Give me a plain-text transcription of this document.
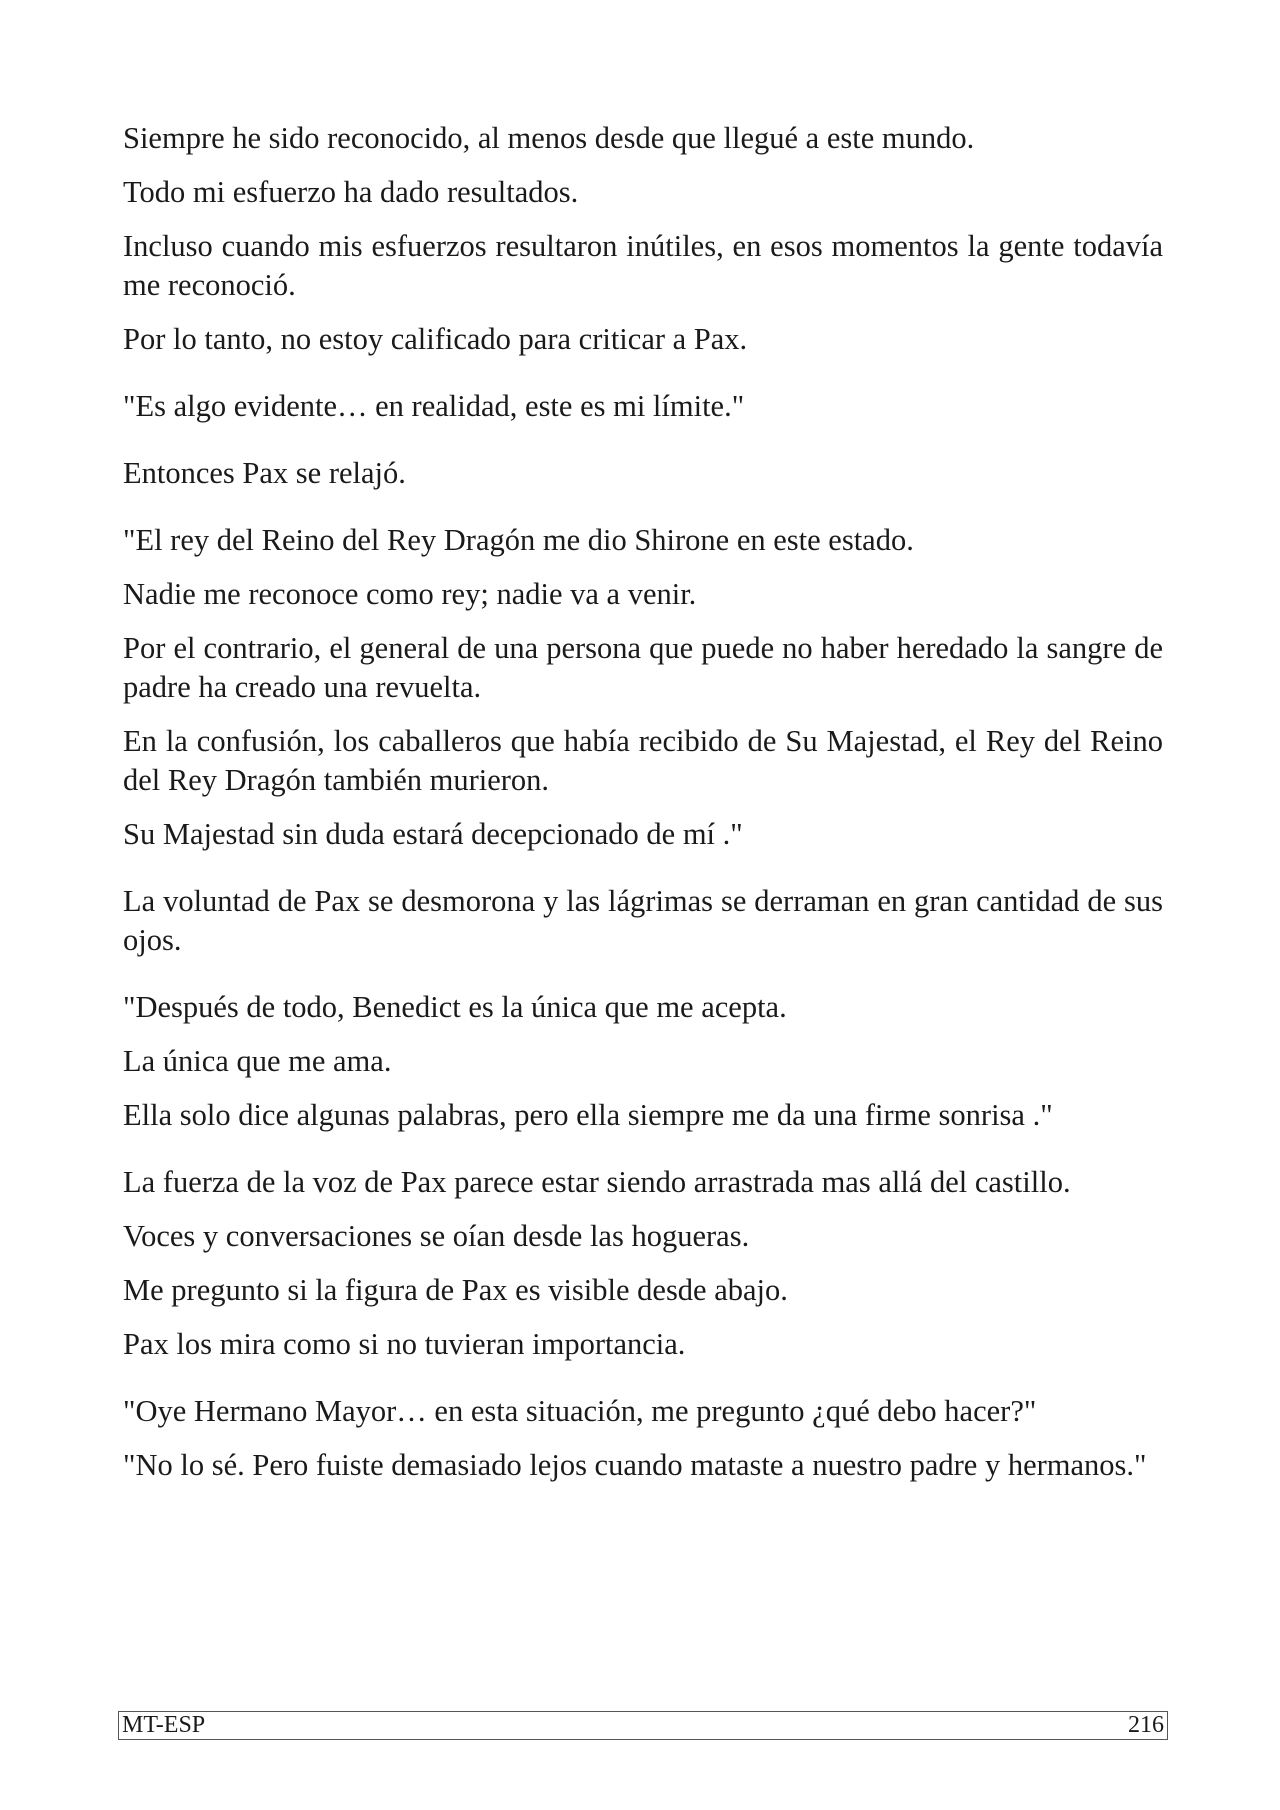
Siempre he sido reconocido, al menos desde que llegué a este mundo.

Todo mi esfuerzo ha dado resultados.

Incluso cuando mis esfuerzos resultaron inútiles, en esos momentos la gente todavía me reconoció.

Por lo tanto, no estoy calificado para criticar a Pax.

"Es algo evidente… en realidad, este es mi límite."

Entonces Pax se relajó.

"El rey del Reino del Rey Dragón me dio Shirone en este estado.

Nadie me reconoce como rey; nadie va a venir.

Por el contrario, el general de una persona que puede no haber heredado la sangre de padre ha creado una revuelta.

En la confusión, los caballeros que había recibido de Su Majestad, el Rey del Reino del Rey Dragón también murieron.

Su Majestad sin duda estará decepcionado de mí ."

La voluntad de Pax se desmorona y las lágrimas se derraman en gran cantidad de sus ojos.

"Después de todo, Benedict es la única que me acepta.

La única que me ama.

Ella solo dice algunas palabras, pero ella siempre me da una firme sonrisa ."

La fuerza de la voz de Pax parece estar siendo arrastrada mas allá del castillo.

Voces y conversaciones se oían desde las hogueras.

Me pregunto si la figura de Pax es visible desde abajo.

Pax los mira como si no tuvieran importancia.

"Oye Hermano Mayor… en esta situación, me pregunto ¿qué debo hacer?"

"No lo sé. Pero fuiste demasiado lejos cuando mataste a nuestro padre y hermanos."

MT-ESP	216
